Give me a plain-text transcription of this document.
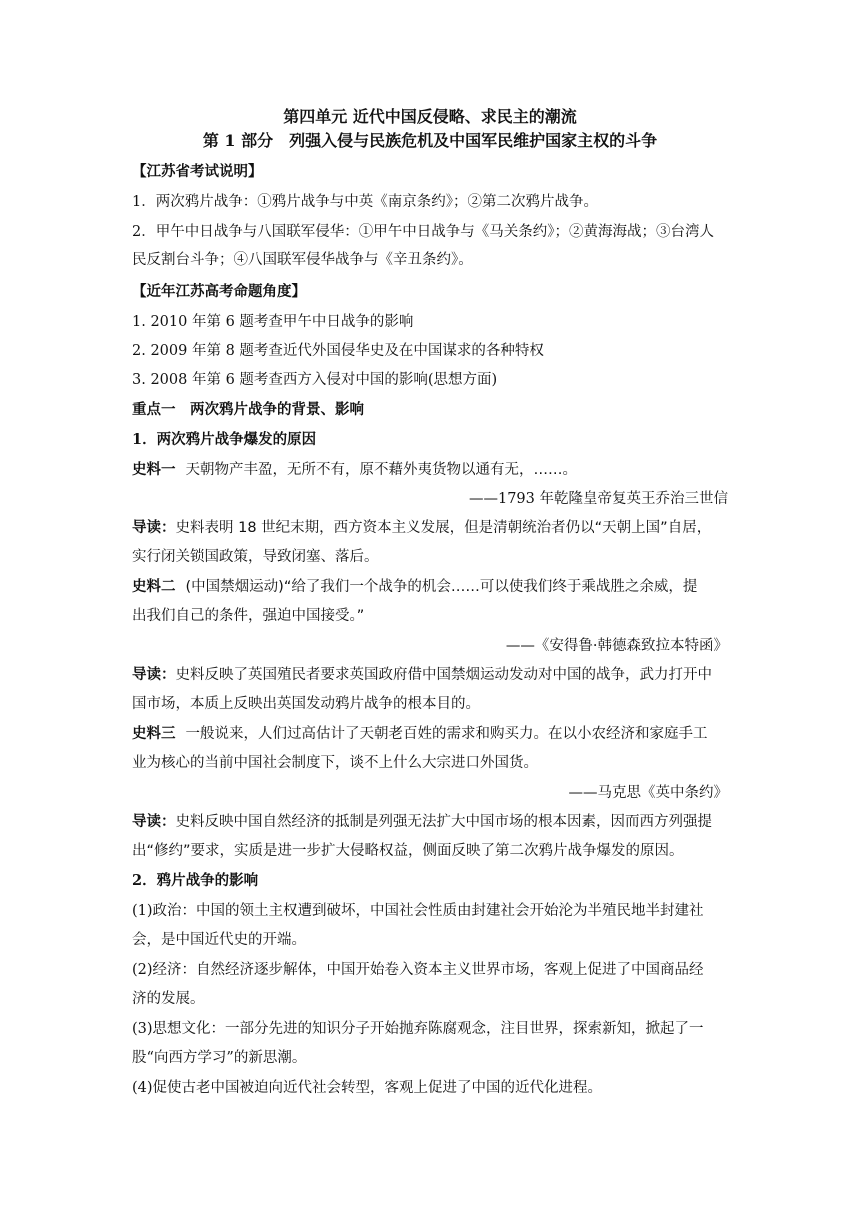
第四单元 近代中国反侵略、求民主的潮流
第 1 部分　列强入侵与民族危机及中国军民维护国家主权的斗争
【江苏省考试说明】
1．两次鸦片战争：①鸦片战争与中英《南京条约》；②第二次鸦片战争。
2．甲午中日战争与八国联军侵华：①甲午中日战争与《马关条约》；②黄海海战；③台湾人
民反割台斗争；④八国联军侵华战争与《辛丑条约》。
【近年江苏高考命题角度】
1. 2010 年第 6 题考查甲午中日战争的影响
2. 2009 年第 8 题考查近代外国侵华史及在中国谋求的各种特权
3. 2008 年第 6 题考查西方入侵对中国的影响(思想方面)
重点一　两次鸦片战争的背景、影响
1．两次鸦片战争爆发的原因
史料一 天朝物产丰盈，无所不有，原不藉外夷货物以通有无，……。
——1793 年乾隆皇帝复英王乔治三世信
导读：史料表明 18 世纪末期，西方资本主义发展，但是清朝统治者仍以“天朝上国”自居，
实行闭关锁国政策，导致闭塞、落后。
史料二 (中国禁烟运动)“给了我们一个战争的机会……可以使我们终于乘战胜之余威，提
出我们自己的条件，强迫中国接受。”
——《安得鲁·韩德森致拉本特函》
导读：史料反映了英国殖民者要求英国政府借中国禁烟运动发动对中国的战争，武力打开中
国市场，本质上反映出英国发动鸦片战争的根本目的。
史料三 一般说来，人们过高估计了天朝老百姓的需求和购买力。在以小农经济和家庭手工
业为核心的当前中国社会制度下，谈不上什么大宗进口外国货。
——马克思《英中条约》
导读：史料反映中国自然经济的抵制是列强无法扩大中国市场的根本因素，因而西方列强提
出“修约”要求，实质是进一步扩大侵略权益，侧面反映了第二次鸦片战争爆发的原因。
2．鸦片战争的影响
(1)政治：中国的领土主权遭到破坏，中国社会性质由封建社会开始沦为半殖民地半封建社
会，是中国近代史的开端。
(2)经济：自然经济逐步解体，中国开始卷入资本主义世界市场，客观上促进了中国商品经
济的发展。
(3)思想文化：一部分先进的知识分子开始抛弃陈腐观念，注目世界，探索新知，掀起了一
股“向西方学习”的新思潮。
(4)促使古老中国被迫向近代社会转型，客观上促进了中国的近代化进程。
